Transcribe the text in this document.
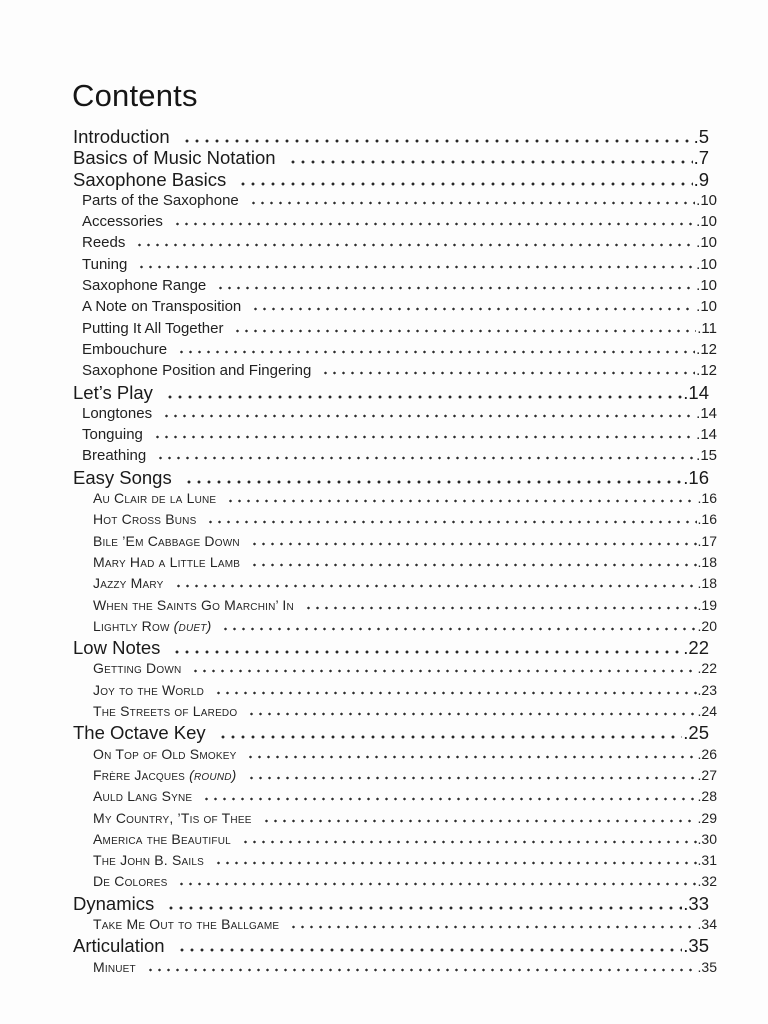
Contents
Introduction	. 5
Basics of Music Notation	. 7
Saxophone Basics	. 9
Parts of the Saxophone	. 10
Accessories	. 10
Reeds	. 10
Tuning	. 10
Saxophone Range	. 10
A Note on Transposition	. 10
Putting It All Together	. 11
Embouchure	. 12
Saxophone Position and Fingering	. 12
Let’s Play	. 14
Longtones	. 14
Tonguing	. 14
Breathing	. 15
Easy Songs	. 16
Au Clair de la Lune	. 16
Hot Cross Buns	. 16
Bile ’Em Cabbage Down	. 17
Mary Had a Little Lamb	. 18
Jazzy Mary	. 18
When the Saints Go Marchin’ In	. 19
Lightly Row (duet)	. 20
Low Notes	. 22
Getting Down	. 22
Joy to the World	. 23
The Streets of Laredo	. 24
The Octave Key	. 25
On Top of Old Smokey	. 26
Frère Jacques (round)	. 27
Auld Lang Syne	. 28
My Country, ’Tis of Thee	. 29
America the Beautiful	. 30
The John B. Sails	. 31
De Colores	. 32
Dynamics	. 33
Take Me Out to the Ballgame	. 34
Articulation	. 35
Minuet	. 35
